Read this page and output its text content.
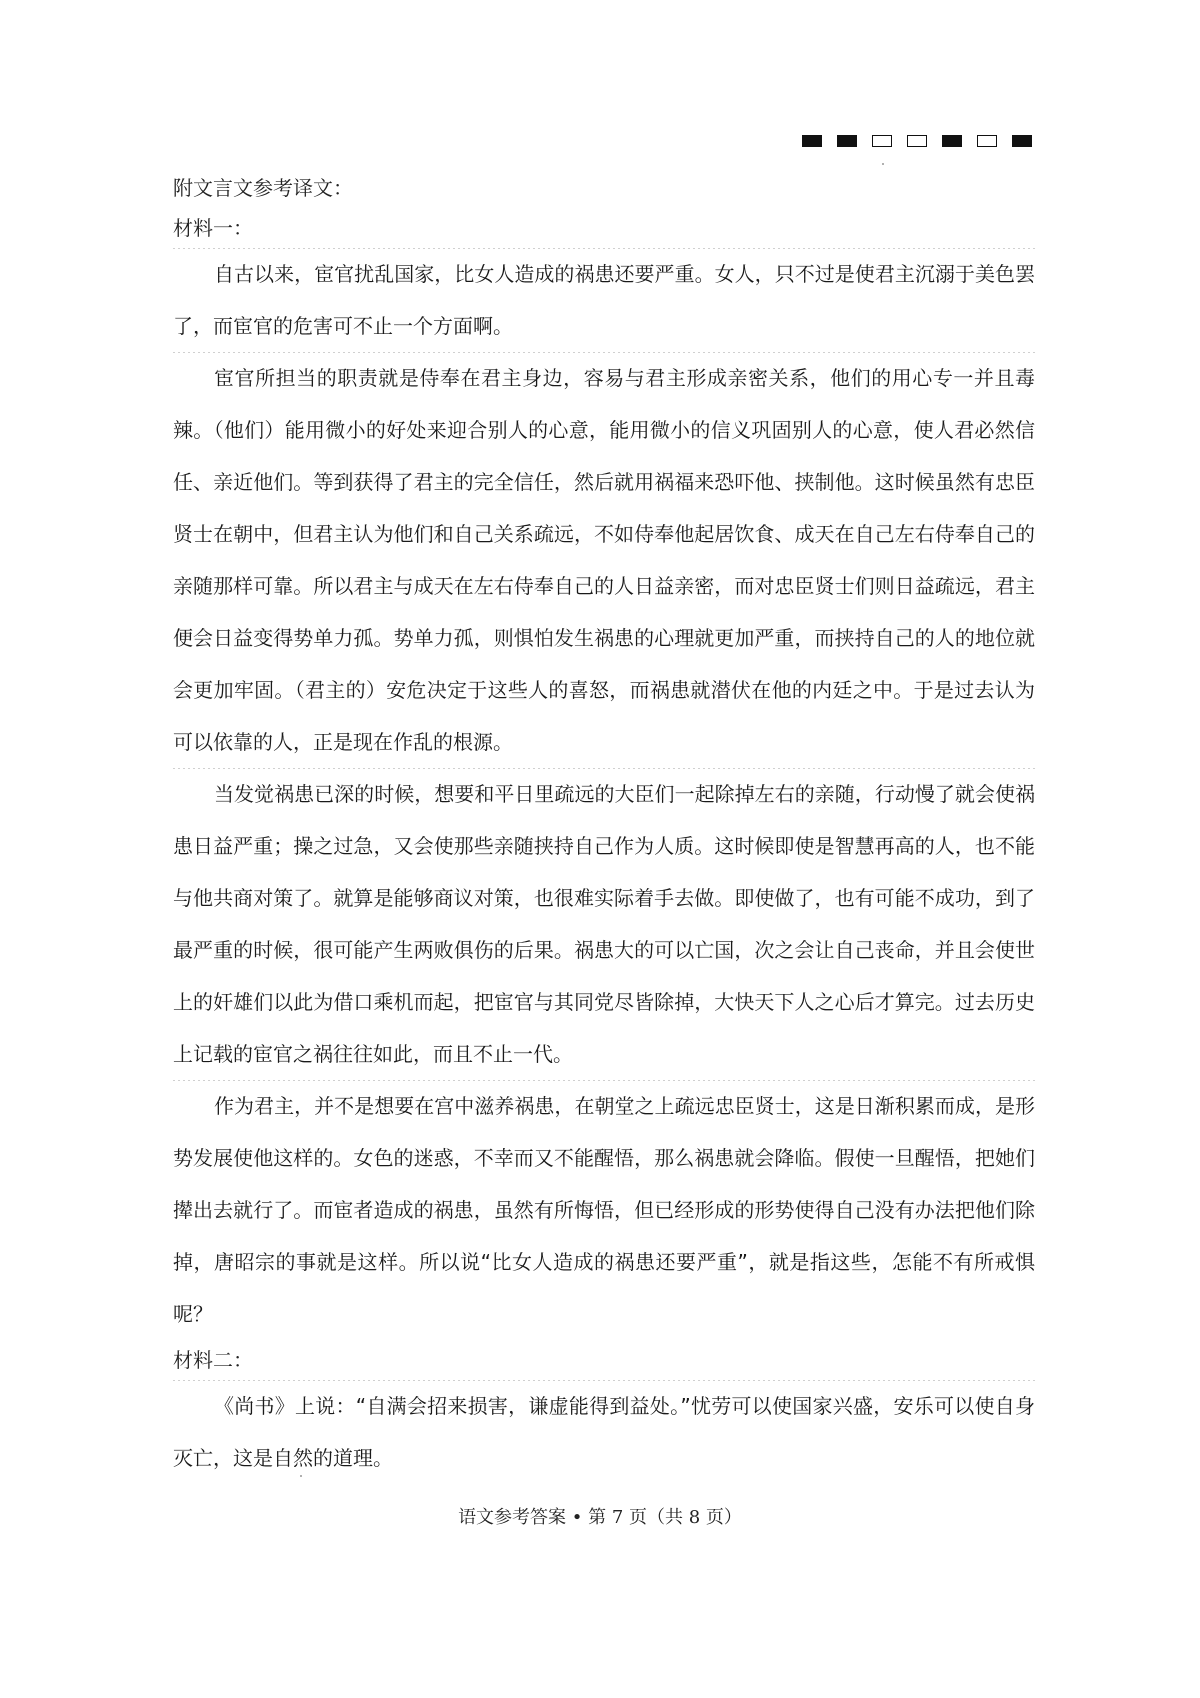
附文言文参考译文：
材料一：

自古以来，宦官扰乱国家，比女人造成的祸患还要严重。女人，只不过是使君主沉溺于美色罢了，而宦官的危害可不止一个方面啊。

宦官所担当的职责就是侍奉在君主身边，容易与君主形成亲密关系，他们的用心专一并且毒辣。（他们）能用微小的好处来迎合别人的心意，能用微小的信义巩固别人的心意，使人君必然信任、亲近他们。等到获得了君主的完全信任，然后就用祸福来恐吓他、挟制他。这时候虽然有忠臣贤士在朝中，但君主认为他们和自己关系疏远，不如侍奉他起居饮食、成天在自己左右侍奉自己的亲随那样可靠。所以君主与成天在左右侍奉自己的人日益亲密，而对忠臣贤士们则日益疏远，君主便会日益变得势单力孤。势单力孤，则惧怕发生祸患的心理就更加严重，而挟持自己的人的地位就会更加牢固。（君主的）安危决定于这些人的喜怒，而祸患就潜伏在他的内廷之中。于是过去认为可以依靠的人，正是现在作乱的根源。

当发觉祸患已深的时候，想要和平日里疏远的大臣们一起除掉左右的亲随，行动慢了就会使祸患日益严重；操之过急，又会使那些亲随挟持自己作为人质。这时候即使是智慧再高的人，也不能与他共商对策了。就算是能够商议对策，也很难实际着手去做。即使做了，也有可能不成功，到了最严重的时候，很可能产生两败俱伤的后果。祸患大的可以亡国，次之会让自己丧命，并且会使世上的奸雄们以此为借口乘机而起，把宦官与其同党尽皆除掉，大快天下人之心后才算完。过去历史上记载的宦官之祸往往如此，而且不止一代。

作为君主，并不是想要在宫中滋养祸患，在朝堂之上疏远忠臣贤士，这是日渐积累而成，是形势发展使他这样的。女色的迷惑，不幸而又不能醒悟，那么祸患就会降临。假使一旦醒悟，把她们撵出去就行了。而宦者造成的祸患，虽然有所悔悟，但已经形成的形势使得自己没有办法把他们除掉，唐昭宗的事就是这样。所以说“比女人造成的祸患还要严重”，就是指这些，怎能不有所戒惧呢？

材料二：

《尚书》上说：“自满会招来损害，谦虚能得到益处。”忧劳可以使国家兴盛，安乐可以使自身灭亡，这是自然的道理。

语文参考答案 • 第 7 页（共 8 页）
